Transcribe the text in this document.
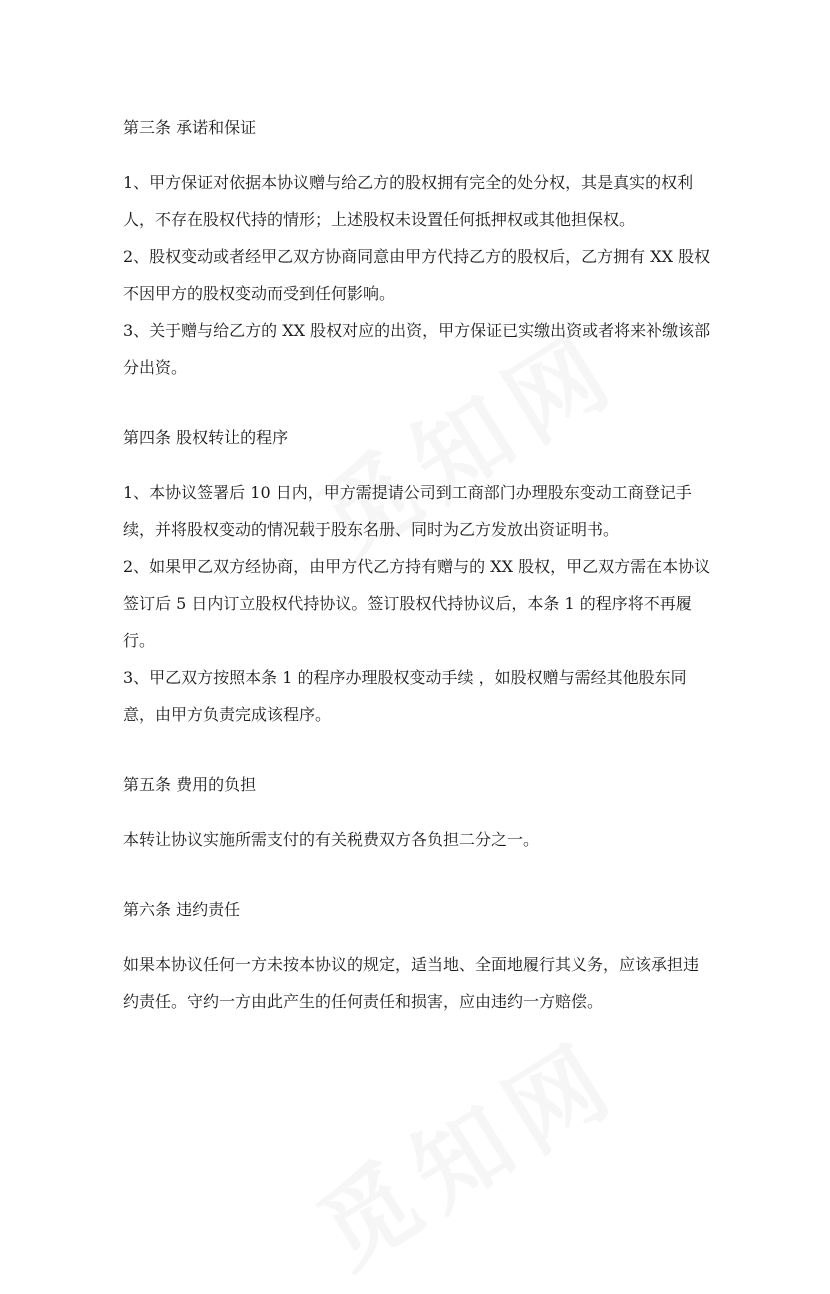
第三条 承诺和保证

1、甲方保证对依据本协议赠与给乙方的股权拥有完全的处分权，其是真实的权利人，不存在股权代持的情形；上述股权未设置任何抵押权或其他担保权。

2、股权变动或者经甲乙双方协商同意由甲方代持乙方的股权后，乙方拥有 XX 股权不因甲方的股权变动而受到任何影响。

3、关于赠与给乙方的 XX 股权对应的出资，甲方保证已实缴出资或者将来补缴该部分出资。

第四条 股权转让的程序

1、本协议签署后 10 日内，甲方需提请公司到工商部门办理股东变动工商登记手续，并将股权变动的情况载于股东名册、同时为乙方发放出资证明书。

2、如果甲乙双方经协商，由甲方代乙方持有赠与的 XX 股权，甲乙双方需在本协议签订后 5 日内订立股权代持协议。签订股权代持协议后，本条 1 的程序将不再履行。

3、甲乙双方按照本条 1 的程序办理股权变动手续 ，如股权赠与需经其他股东同意，由甲方负责完成该程序。

第五条 费用的负担

本转让协议实施所需支付的有关税费双方各负担二分之一。

第六条 违约责任

如果本协议任何一方未按本协议的规定，适当地、全面地履行其义务，应该承担违约责任。守约一方由此产生的任何责任和损害，应由违约一方赔偿。
